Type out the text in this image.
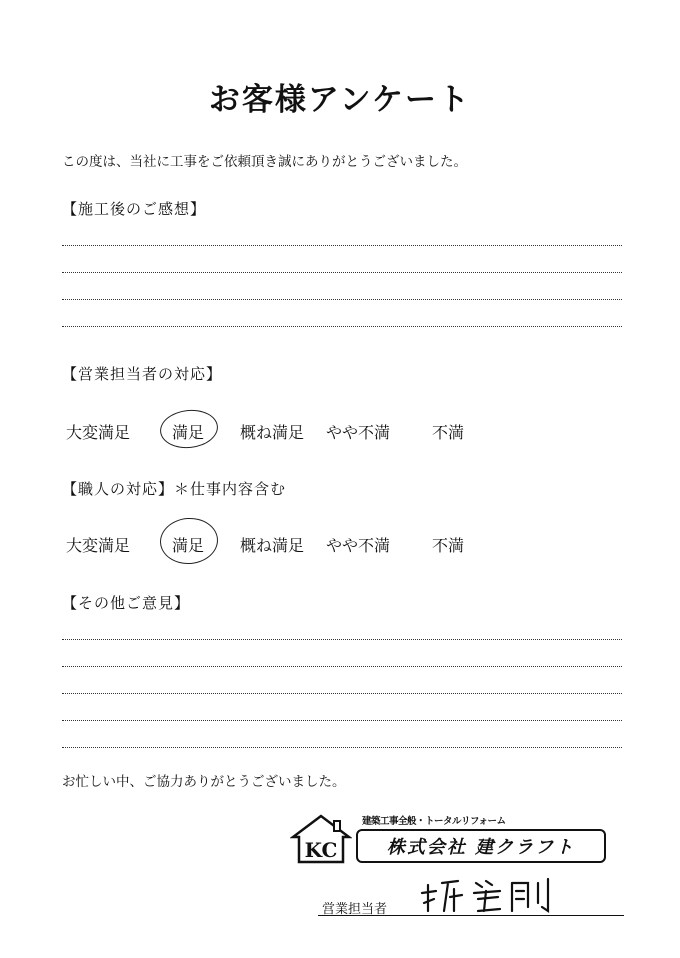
お客様アンケート
この度は、当社に工事をご依頼頂き誠にありがとうございました。
【施工後のご感想】
【営業担当者の対応】
大変満足	満足 概ね満足 やや不満	不満
【職人の対応】＊仕事内容含む
大変満足	満足 概ね満足 やや不満	不満
【その他ご意見】
お忙しい中、ご協力ありがとうございました。
KC
建築工事全般・トータルリフォーム
株式会社 建クラフト
営業担当者
